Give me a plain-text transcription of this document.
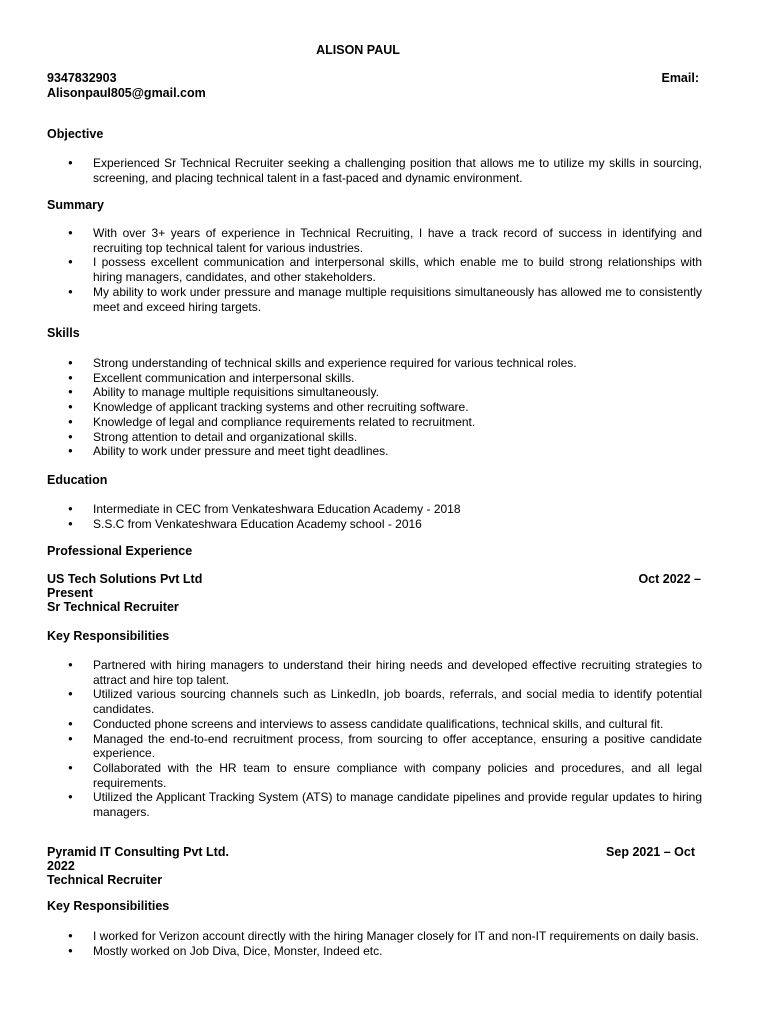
ALISON PAUL
9347832903	Email:
Alisonpaul805@gmail.com
Objective
● Experienced Sr Technical Recruiter seeking a challenging position that allows me to utilize my skills in sourcing, screening, and placing technical talent in a fast-paced and dynamic environment.
Summary
● With over 3+ years of experience in Technical Recruiting, I have a track record of success in identifying and recruiting top technical talent for various industries.
● I possess excellent communication and interpersonal skills, which enable me to build strong relationships with hiring managers, candidates, and other stakeholders.
● My ability to work under pressure and manage multiple requisitions simultaneously has allowed me to consistently meet and exceed hiring targets.
Skills
● Strong understanding of technical skills and experience required for various technical roles.
● Excellent communication and interpersonal skills.
● Ability to manage multiple requisitions simultaneously.
● Knowledge of applicant tracking systems and other recruiting software.
● Knowledge of legal and compliance requirements related to recruitment.
● Strong attention to detail and organizational skills.
● Ability to work under pressure and meet tight deadlines.
Education
● Intermediate in CEC from Venkateshwara Education Academy - 2018
● S.S.C from Venkateshwara Education Academy school - 2016
Professional Experience
US Tech Solutions Pvt Ltd	Oct 2022 –
Present
Sr Technical Recruiter
Key Responsibilities
● Partnered with hiring managers to understand their hiring needs and developed effective recruiting strategies to attract and hire top talent.
● Utilized various sourcing channels such as LinkedIn, job boards, referrals, and social media to identify potential candidates.
● Conducted phone screens and interviews to assess candidate qualifications, technical skills, and cultural fit.
● Managed the end-to-end recruitment process, from sourcing to offer acceptance, ensuring a positive candidate experience.
● Collaborated with the HR team to ensure compliance with company policies and procedures, and all legal requirements.
● Utilized the Applicant Tracking System (ATS) to manage candidate pipelines and provide regular updates to hiring managers.
Pyramid IT Consulting Pvt Ltd.	Sep 2021 – Oct
2022
Technical Recruiter
Key Responsibilities
● I worked for Verizon account directly with the hiring Manager closely for IT and non-IT requirements on daily basis.
● Mostly worked on Job Diva, Dice, Monster, Indeed etc.
